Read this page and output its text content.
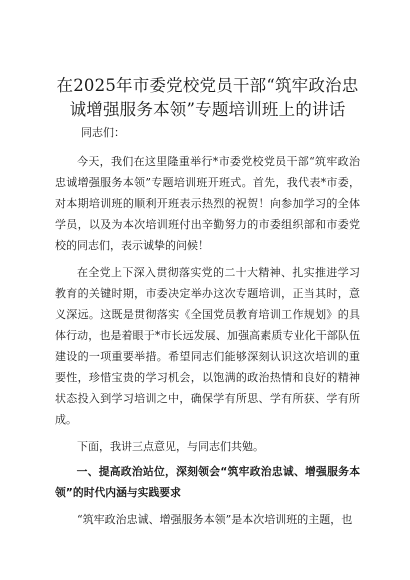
在2025年市委党校党员干部“筑牢政治忠诚增强服务本领”专题培训班上的讲话
同志们：

今天，我们在这里隆重举行*市委党校党员干部“筑牢政治忠诚增强服务本领”专题培训班开班式。首先，我代表*市委，对本期培训班的顺利开班表示热烈的祝贺！向参加学习的全体学员，以及为本次培训班付出辛勤努力的市委组织部和市委党校的同志们，表示诚挚的问候！

在全党上下深入贯彻落实党的二十大精神、扎实推进学习教育的关键时期，市委决定举办这次专题培训，正当其时，意义深远。这既是贯彻落实《全国党员教育培训工作规划》的具体行动，也是着眼于*市长远发展、加强高素质专业化干部队伍建设的一项重要举措。希望同志们能够深刻认识这次培训的重要性，珍惜宝贵的学习机会，以饱满的政治热情和良好的精神状态投入到学习培训之中，确保学有所思、学有所获、学有所成。

下面，我讲三点意见，与同志们共勉。

一、提高政治站位，深刻领会“筑牢政治忠诚、增强服务本领”的时代内涵与实践要求

“筑牢政治忠诚、增强服务本领”是本次培训班的主题，也
